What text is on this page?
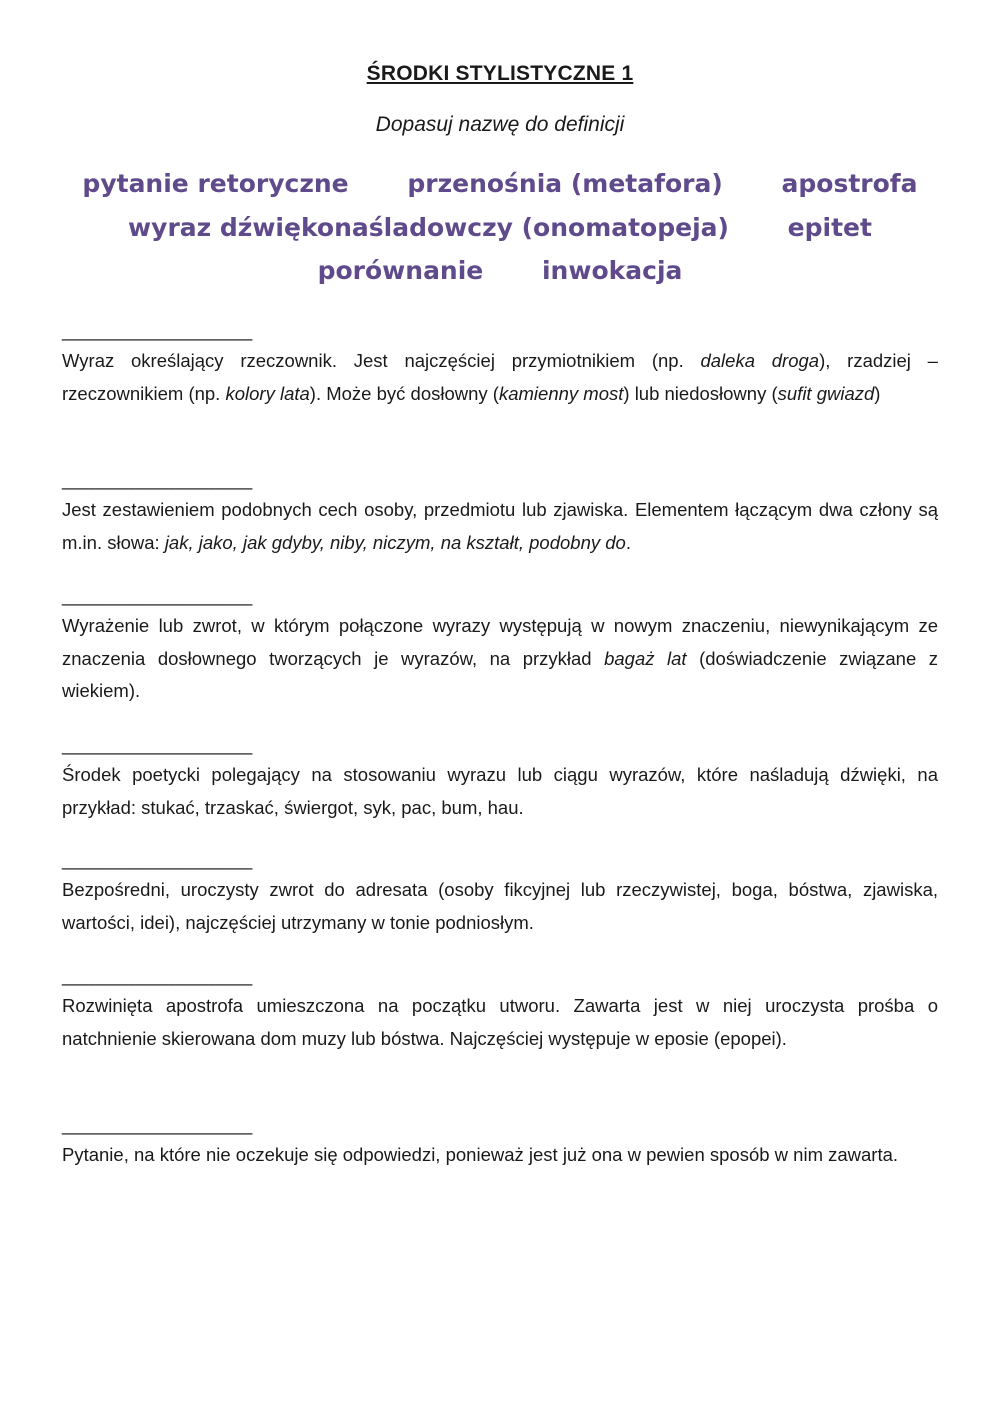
ŚRODKI STYLISTYCZNE 1
Dopasuj nazwę do definicji
pytanie retoryczne przenośnia (metafora) apostrofa
wyraz dźwiękonaśladowczy (onomatopeja) epitet
porównanie inwokacja
___________________
Wyraz określający rzeczownik. Jest najczęściej przymiotnikiem (np. daleka droga), rzadziej – rzeczownikiem (np. kolory lata). Może być dosłowny (kamienny most) lub niedosłowny (sufit gwiazd)
___________________
Jest zestawieniem podobnych cech osoby, przedmiotu lub zjawiska. Elementem łączącym dwa człony są m.in. słowa: jak, jako, jak gdyby, niby, niczym, na kształt, podobny do.
___________________
Wyrażenie lub zwrot, w którym połączone wyrazy występują w nowym znaczeniu, niewynikającym ze znaczenia dosłownego tworzących je wyrazów, na przykład bagaż lat (doświadczenie związane z wiekiem).
___________________
Środek poetycki polegający na stosowaniu wyrazu lub ciągu wyrazów, które naśladują dźwięki, na przykład: stukać, trzaskać, świergot, syk, pac, bum, hau.
___________________
Bezpośredni, uroczysty zwrot do adresata (osoby fikcyjnej lub rzeczywistej, boga, bóstwa, zjawiska, wartości, idei), najczęściej utrzymany w tonie podniosłym.
___________________
Rozwinięta apostrofa umieszczona na początku utworu. Zawarta jest w niej uroczysta prośba o natchnienie skierowana dom muzy lub bóstwa. Najczęściej występuje w eposie (epopei).
___________________
Pytanie, na które nie oczekuje się odpowiedzi, ponieważ jest już ona w pewien sposób w nim zawarta.
